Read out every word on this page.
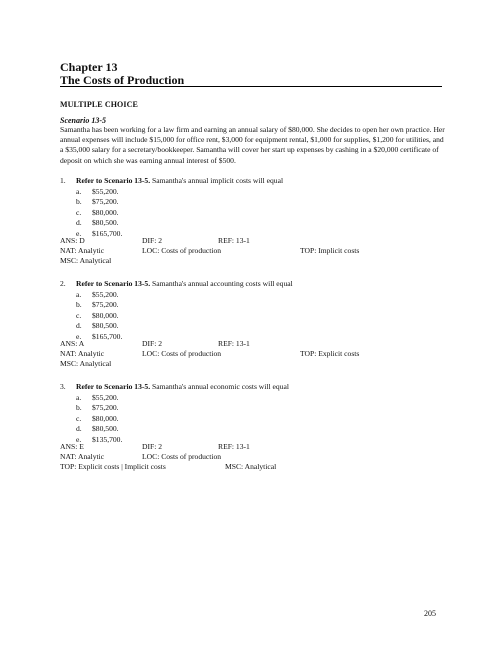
Chapter 13
The Costs of Production
MULTIPLE CHOICE
Scenario 13-5
Samantha has been working for a law firm and earning an annual salary of $80,000. She decides to open her own practice. Her annual expenses will include $15,000 for office rent, $3,000 for equipment rental, $1,000 for supplies, $1,200 for utilities, and a $35,000 salary for a secretary/bookkeeper. Samantha will cover her start up expenses by cashing in a $20,000 certificate of deposit on which she was earning annual interest of $500.
1. Refer to Scenario 13-5. Samantha's annual implicit costs will equal
a. $55,200.
b. $75,200.
c. $80,000.
d. $80,500.
e. $165,700.
ANS: D	DIF: 2	REF: 13-1
NAT: Analytic	LOC: Costs of production	TOP: Implicit costs
MSC: Analytical
2. Refer to Scenario 13-5. Samantha's annual accounting costs will equal
a. $55,200.
b. $75,200.
c. $80,000.
d. $80,500.
e. $165,700.
ANS: A	DIF: 2	REF: 13-1
NAT: Analytic	LOC: Costs of production	TOP: Explicit costs
MSC: Analytical
3. Refer to Scenario 13-5. Samantha's annual economic costs will equal
a. $55,200.
b. $75,200.
c. $80,000.
d. $80,500.
e. $135,700.
ANS: E	DIF: 2	REF: 13-1
NAT: Analytic	LOC: Costs of production
TOP: Explicit costs | Implicit costs	MSC: Analytical
205
